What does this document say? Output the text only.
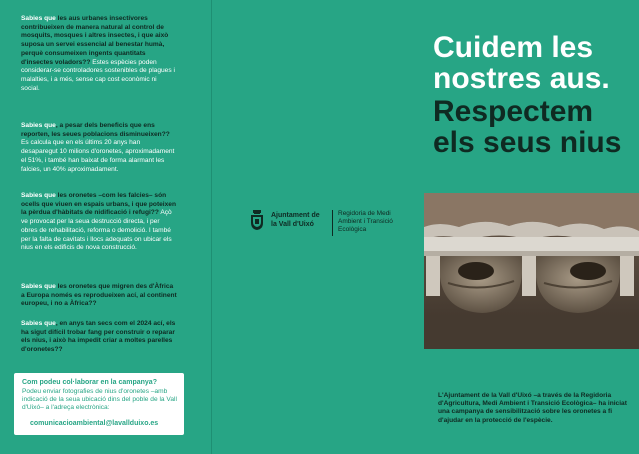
Sabies que les aus urbanes insectívores contribueixen de manera natural al control de mosquits, mosques i altres insectes, i que això suposa un servei essencial al benestar humà, perquè consumeixen ingents quantitats d'insectes voladors?? Estes espècies poden considerar-se controladores sostenibles de plagues i malalties, i a més, sense cap cost econòmic ni social.
Sabies que, a pesar dels beneficis que ens reporten, les seues poblacions disminueixen?? Es calcula que en els últims 20 anys han desaparegut 10 milions d'oronetes, aproximadament el 51%, i també han baixat de forma alarmant les falcies, un 40% aproximadament.
Sabies que les oronetes –com les falcies– són ocells que viuen en espais urbans, i que poteixen la pèrdua d'hàbitats de nidificació i refugi?? Açò ve provocat per la seua destrucció directa, i per obres de rehabilitació, reforma o demolició. I també per la falta de cavitats i llocs adequats on ubicar els nius en els edificis de nova construcció.
Sabies que les oronetes que migren des d'Àfrica a Europa només es reprodueixen ací, al continent europeu, i no a Àfrica??
Sabies que, en anys tan secs com el 2024 ací, els ha sigut difícil trobar fang per construir o reparar els nius, i això ha impedit criar a moltes parelles d'oronetes??
Com podeu col·laborar en la campanya?
Podeu enviar fotografies de nius d'oronetes –amb indicació de la seua ubicació dins del poble de la Vall d'Uixó– a l'adreça electrònica:
comunicacioambiental@lavallduixo.es
Ajuntament de la Vall d'Uixó
Regidoria de Medi Ambient i Transició Ecològica
Cuidem les nostres aus.
Respectem els seus nius
L'Ajuntament de la Vall d'Uixó –a través de la Regidoria d'Agricultura, Medi Ambient i Transició Ecològica– ha iniciat una campanya de sensibilització sobre les oronetes a fi d'ajudar en la protecció de l'espècie.
